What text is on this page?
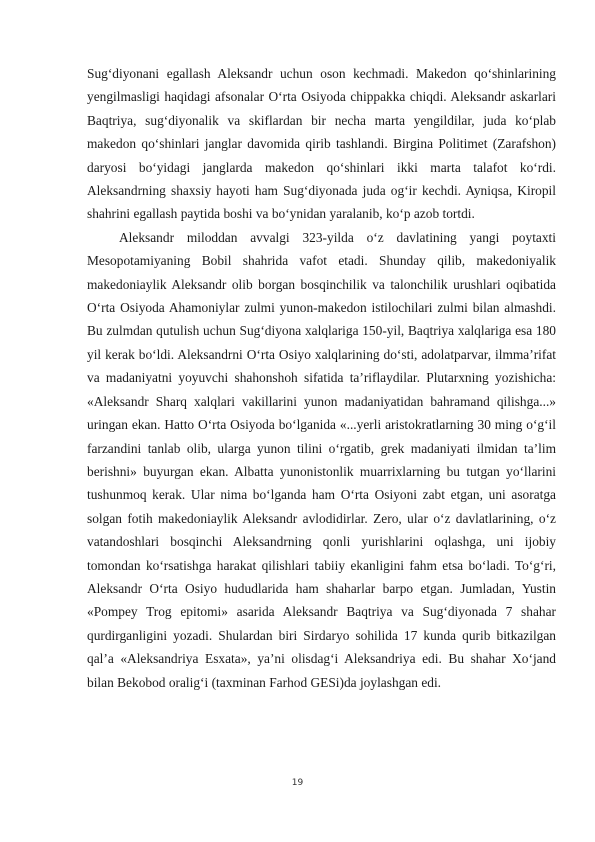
Sug‘diyonani egallash Aleksandr uchun oson kechmadi. Makedon qo‘shinlarining yengilmasligi haqidagi afsonalar O‘rta Osiyoda chippakka chiqdi. Aleksandr askarlari Baqtriya, sug‘diyonalik va skiflardan bir necha marta yengildilar, juda ko‘plab makedon qo‘shinlari janglar davomida qirib tashlandi. Birgina Politimet (Zarafshon) daryosi bo‘yidagi janglarda makedon qo‘shinlari ikki marta talafot ko‘rdi. Aleksandrning shaxsiy hayoti ham Sug‘diyonada juda og‘ir kechdi. Ayniqsa, Kiropil shahrini egallash paytida boshi va bo‘ynidan yaralanib, ko‘p azob tortdi.

Aleksandr miloddan avvalgi 323-yilda o‘z davlatining yangi poytaxti Mesopotamiyaning Bobil shahrida vafot etadi. Shunday qilib, makedoniyalik makedoniaylik Aleksandr olib borgan bosqinchilik va talonchilik urushlari oqibatida O‘rta Osiyoda Ahamoniylar zulmi yunon-makedon istilochilari zulmi bilan almashdi. Bu zulmdan qutulish uchun Sug‘diyona xalqlariga 150-yil, Baqtriya xalqlariga esa 180 yil kerak bo‘ldi. Aleksandrni O‘rta Osiyo xalqlarining do‘sti, adolatparvar, ilmma’rifat va madaniyatni yoyuvchi shahonshoh sifatida ta’riflaydilar. Plutarxning yozishicha: «Aleksandr Sharq xalqlari vakillarini yunon madaniyatidan bahramand qilishga...» uringan ekan. Hatto O‘rta Osiyoda bo‘lganida «...yerli aristokratlarning 30 ming o‘g‘il farzandini tanlab olib, ularga yunon tilini o‘rgatib, grek madaniyati ilmidan ta’lim berishni» buyurgan ekan. Albatta yunonistonlik muarrixlarning bu tutgan yo‘llarini tushunmoq kerak. Ular nima bo‘lganda ham O‘rta Osiyoni zabt etgan, uni asoratga solgan fotih makedoniaylik Aleksandr avlodidirlar. Zero, ular o‘z davlatlarining, o‘z vatandoshlari bosqinchi Aleksandrning qonli yurishlarini oqlashga, uni ijobiy tomondan ko‘rsatishga harakat qilishlari tabiiy ekanligini fahm etsa bo‘ladi. To‘g‘ri, Aleksandr O‘rta Osiyo hududlarida ham shaharlar barpo etgan. Jumladan, Yustin «Pompey Trog epitomi» asarida Aleksandr Baqtriya va Sug‘diyonada 7 shahar qurdirganligini yozadi. Shulardan biri Sirdaryo sohilida 17 kunda qurib bitkazilgan qal’a «Aleksandriya Esxata», ya’ni olisdag‘i Aleksandriya edi. Bu shahar Xo‘jand bilan Bekobod oralig‘i (taxminan Farhod GESi)da joylashgan edi.

19
